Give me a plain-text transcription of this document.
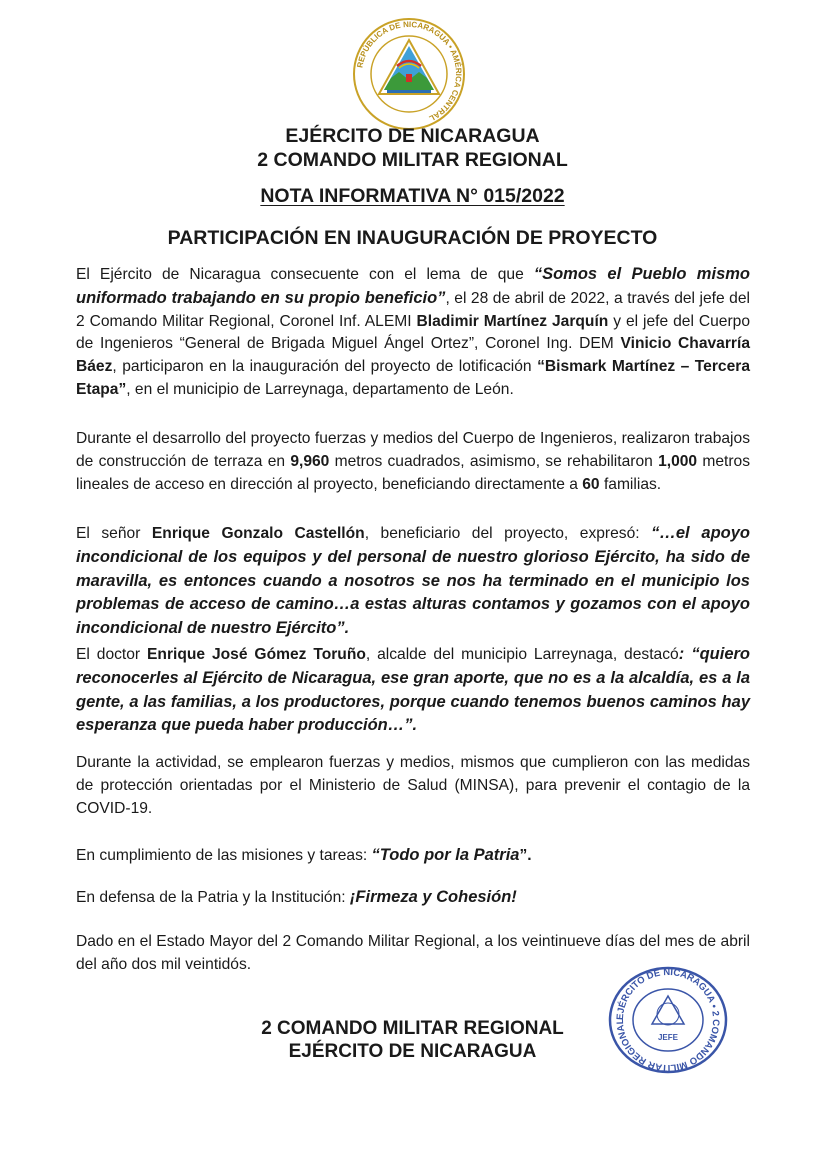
REPÚBLICA DE NICARAGUA • AMÉRICA CENTRAL
EJÉRCITO DE NICARAGUA
2 COMANDO MILITAR REGIONAL
NOTA INFORMATIVA N° 015/2022
PARTICIPACIÓN EN INAUGURACIÓN DE PROYECTO

El Ejército de Nicaragua consecuente con el lema de que “Somos el Pueblo mismo uniformado trabajando en su propio beneficio”, el 28 de abril de 2022, a través del jefe del 2 Comando Militar Regional, Coronel Inf. ALEMI Bladimir Martínez Jarquín y el jefe del Cuerpo de Ingenieros “General de Brigada Miguel Ángel Ortez”, Coronel Ing. DEM Vinicio Chavarría Báez, participaron en la inauguración del proyecto de lotificación “Bismark Martínez – Tercera Etapa”, en el municipio de Larreynaga, departamento de León.

Durante el desarrollo del proyecto fuerzas y medios del Cuerpo de Ingenieros, realizaron trabajos de construcción de terraza en 9,960 metros cuadrados, asimismo, se rehabilitaron 1,000 metros lineales de acceso en dirección al proyecto, beneficiando directamente a 60 familias.

El señor Enrique Gonzalo Castellón, beneficiario del proyecto, expresó: “…el apoyo incondicional de los equipos y del personal de nuestro glorioso Ejército, ha sido de maravilla, es entonces cuando a nosotros se nos ha terminado en el municipio los problemas de acceso de camino…a estas alturas contamos y gozamos con el apoyo incondicional de nuestro Ejército”.

El doctor Enrique José Gómez Toruño, alcalde del municipio Larreynaga, destacó: “quiero reconocerles al Ejército de Nicaragua, ese gran aporte, que no es a la alcaldía, es a la gente, a las familias, a los productores, porque cuando tenemos buenos caminos hay esperanza que pueda haber producción…”.

Durante la actividad, se emplearon fuerzas y medios, mismos que cumplieron con las medidas de protección orientadas por el Ministerio de Salud (MINSA), para prevenir el contagio de la COVID-19.

En cumplimiento de las misiones y tareas: “Todo por la Patria”.

En defensa de la Patria y la Institución: ¡Firmeza y Cohesión!

Dado en el Estado Mayor del 2 Comando Militar Regional, a los veintinueve días del mes de abril del año dos mil veintidós.

2 COMANDO MILITAR REGIONAL
EJÉRCITO DE NICARAGUA
EJÉRCITO DE NICARAGUA • 2 COMANDO MILITAR REGIONAL
JEFE
